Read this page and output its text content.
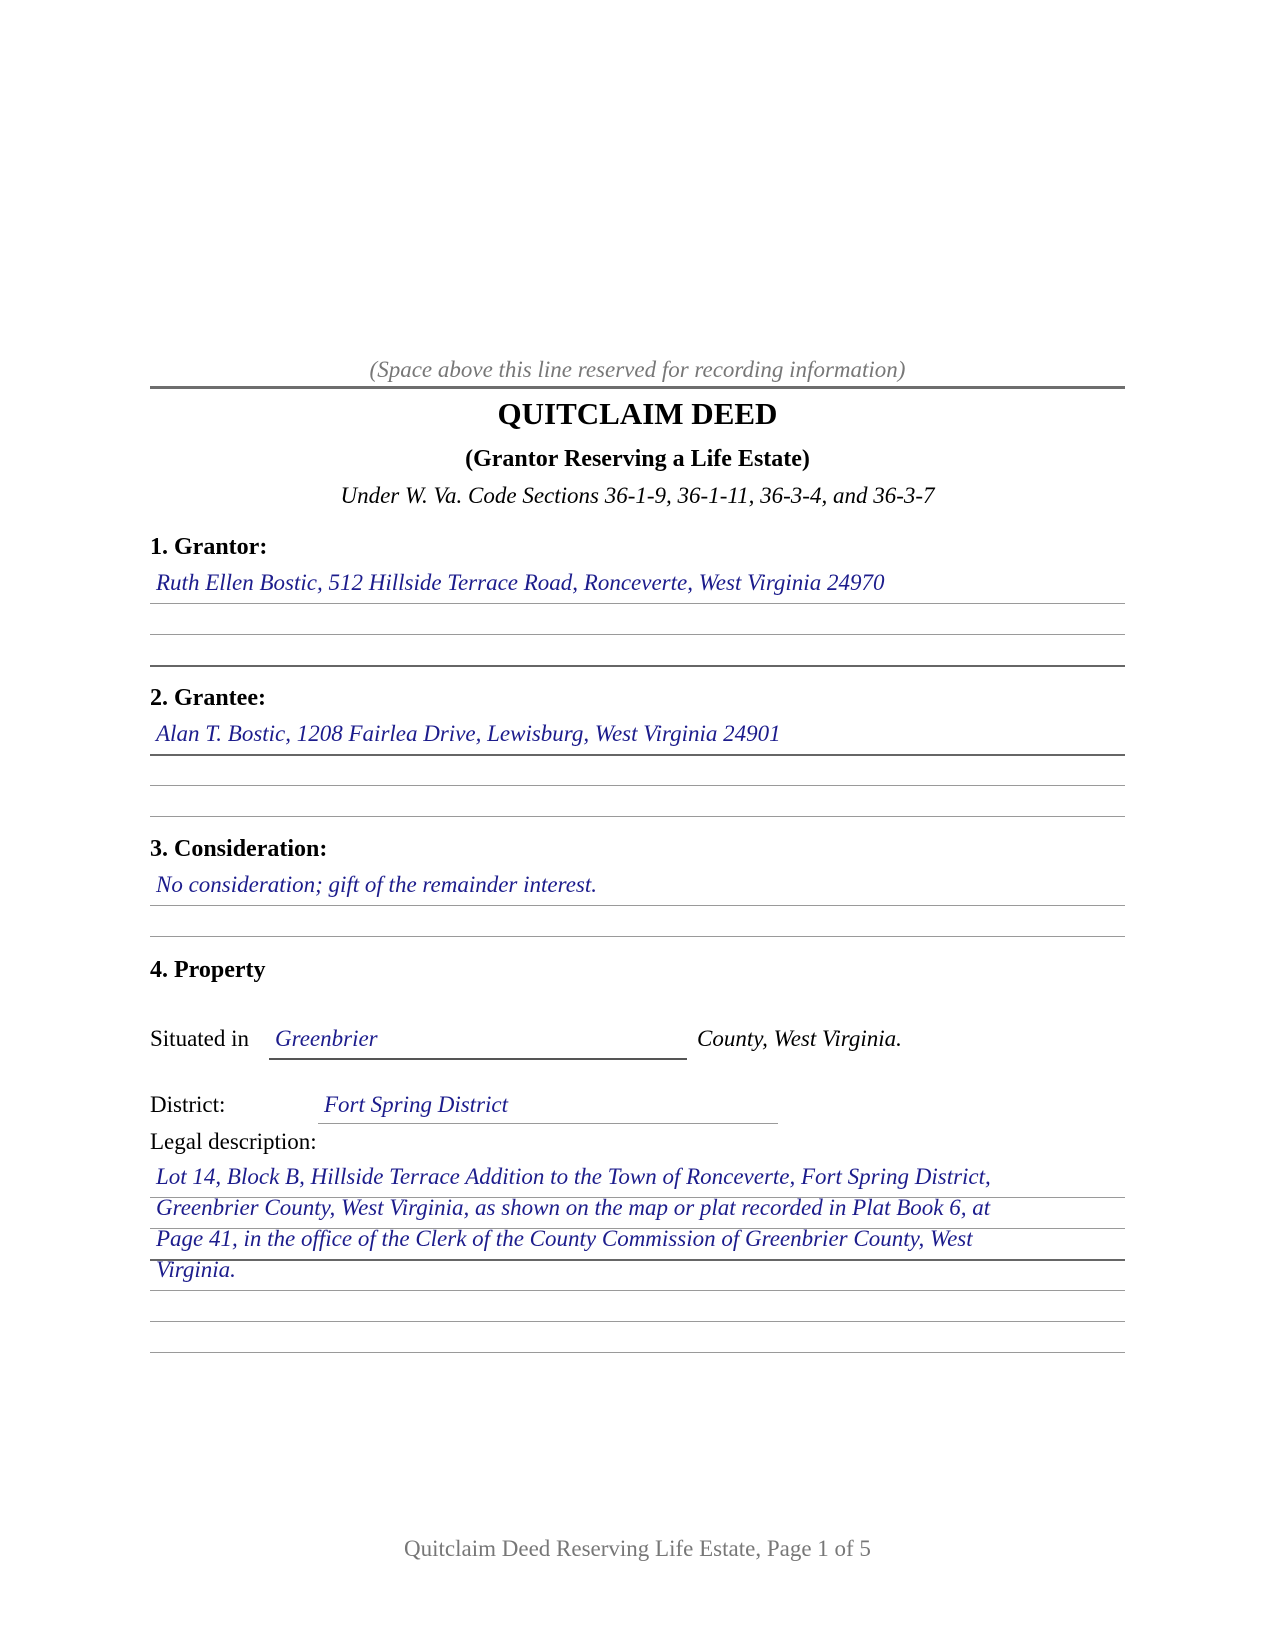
(Space above this line reserved for recording information)
QUITCLAIM DEED
(Grantor Reserving a Life Estate)
Under W. Va. Code Sections 36-1-9, 36-1-11, 36-3-4, and 36-3-7
1. Grantor:
Ruth Ellen Bostic, 512 Hillside Terrace Road, Ronceverte, West Virginia 24970
2. Grantee:
Alan T. Bostic, 1208 Fairlea Drive, Lewisburg, West Virginia 24901
3. Consideration:
No consideration; gift of the remainder interest.
4. Property
Situated in Greenbrier	County, West Virginia.
District:	Fort Spring District
Legal description:
Lot 14, Block B, Hillside Terrace Addition to the Town of Ronceverte, Fort Spring District,
Greenbrier County, West Virginia, as shown on the map or plat recorded in Plat Book 6, at
Page 41, in the office of the Clerk of the County Commission of Greenbrier County, West
Virginia.
Quitclaim Deed Reserving Life Estate, Page 1 of 5
